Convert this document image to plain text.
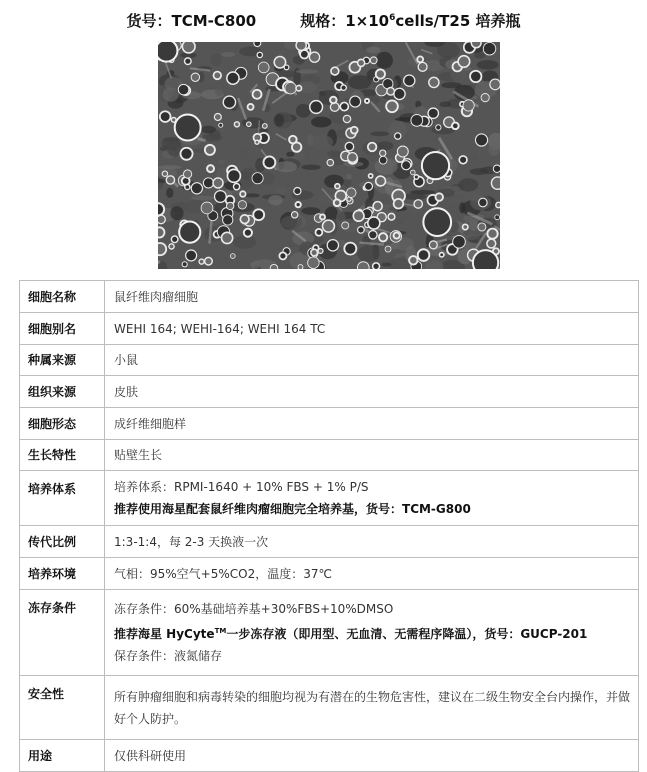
货号：TCM-C800	规格：$1\times 10^6cells/T25$ 培养瓶
细胞名称	鼠纤维肉瘤细胞
细胞别名	WEHI 164; WEHI-164; WEHI 164 TC
种属来源	小鼠
组织来源	皮肤
细胞形态	成纤维细胞样
生长特性	贴壁生长
培养体系	培养体系：RPMI-1640 + 10% FBS + 1% P/S
推荐使用海星配套鼠纤维肉瘤细胞完全培养基，货号：TCM-G800

传代比例	1:3-1:4，每 2-3 天换液一次
培养环境	气相：95%空气+5%CO2，温度：37℃
冻存条件	冻存条件：60%基础培养基+30%FBS+10%DMSO
推荐海星 HyCyte™一步冻存液（即用型、无血清、无需程序降温），货号：GUCP-201
保存条件：液氮储存

安全性	所有肿瘤细胞和病毒转染的细胞均视为有潜在的生物危害性，建议在二级生物安全台内操作，并做好个人防护。
用途	仅供科研使用
